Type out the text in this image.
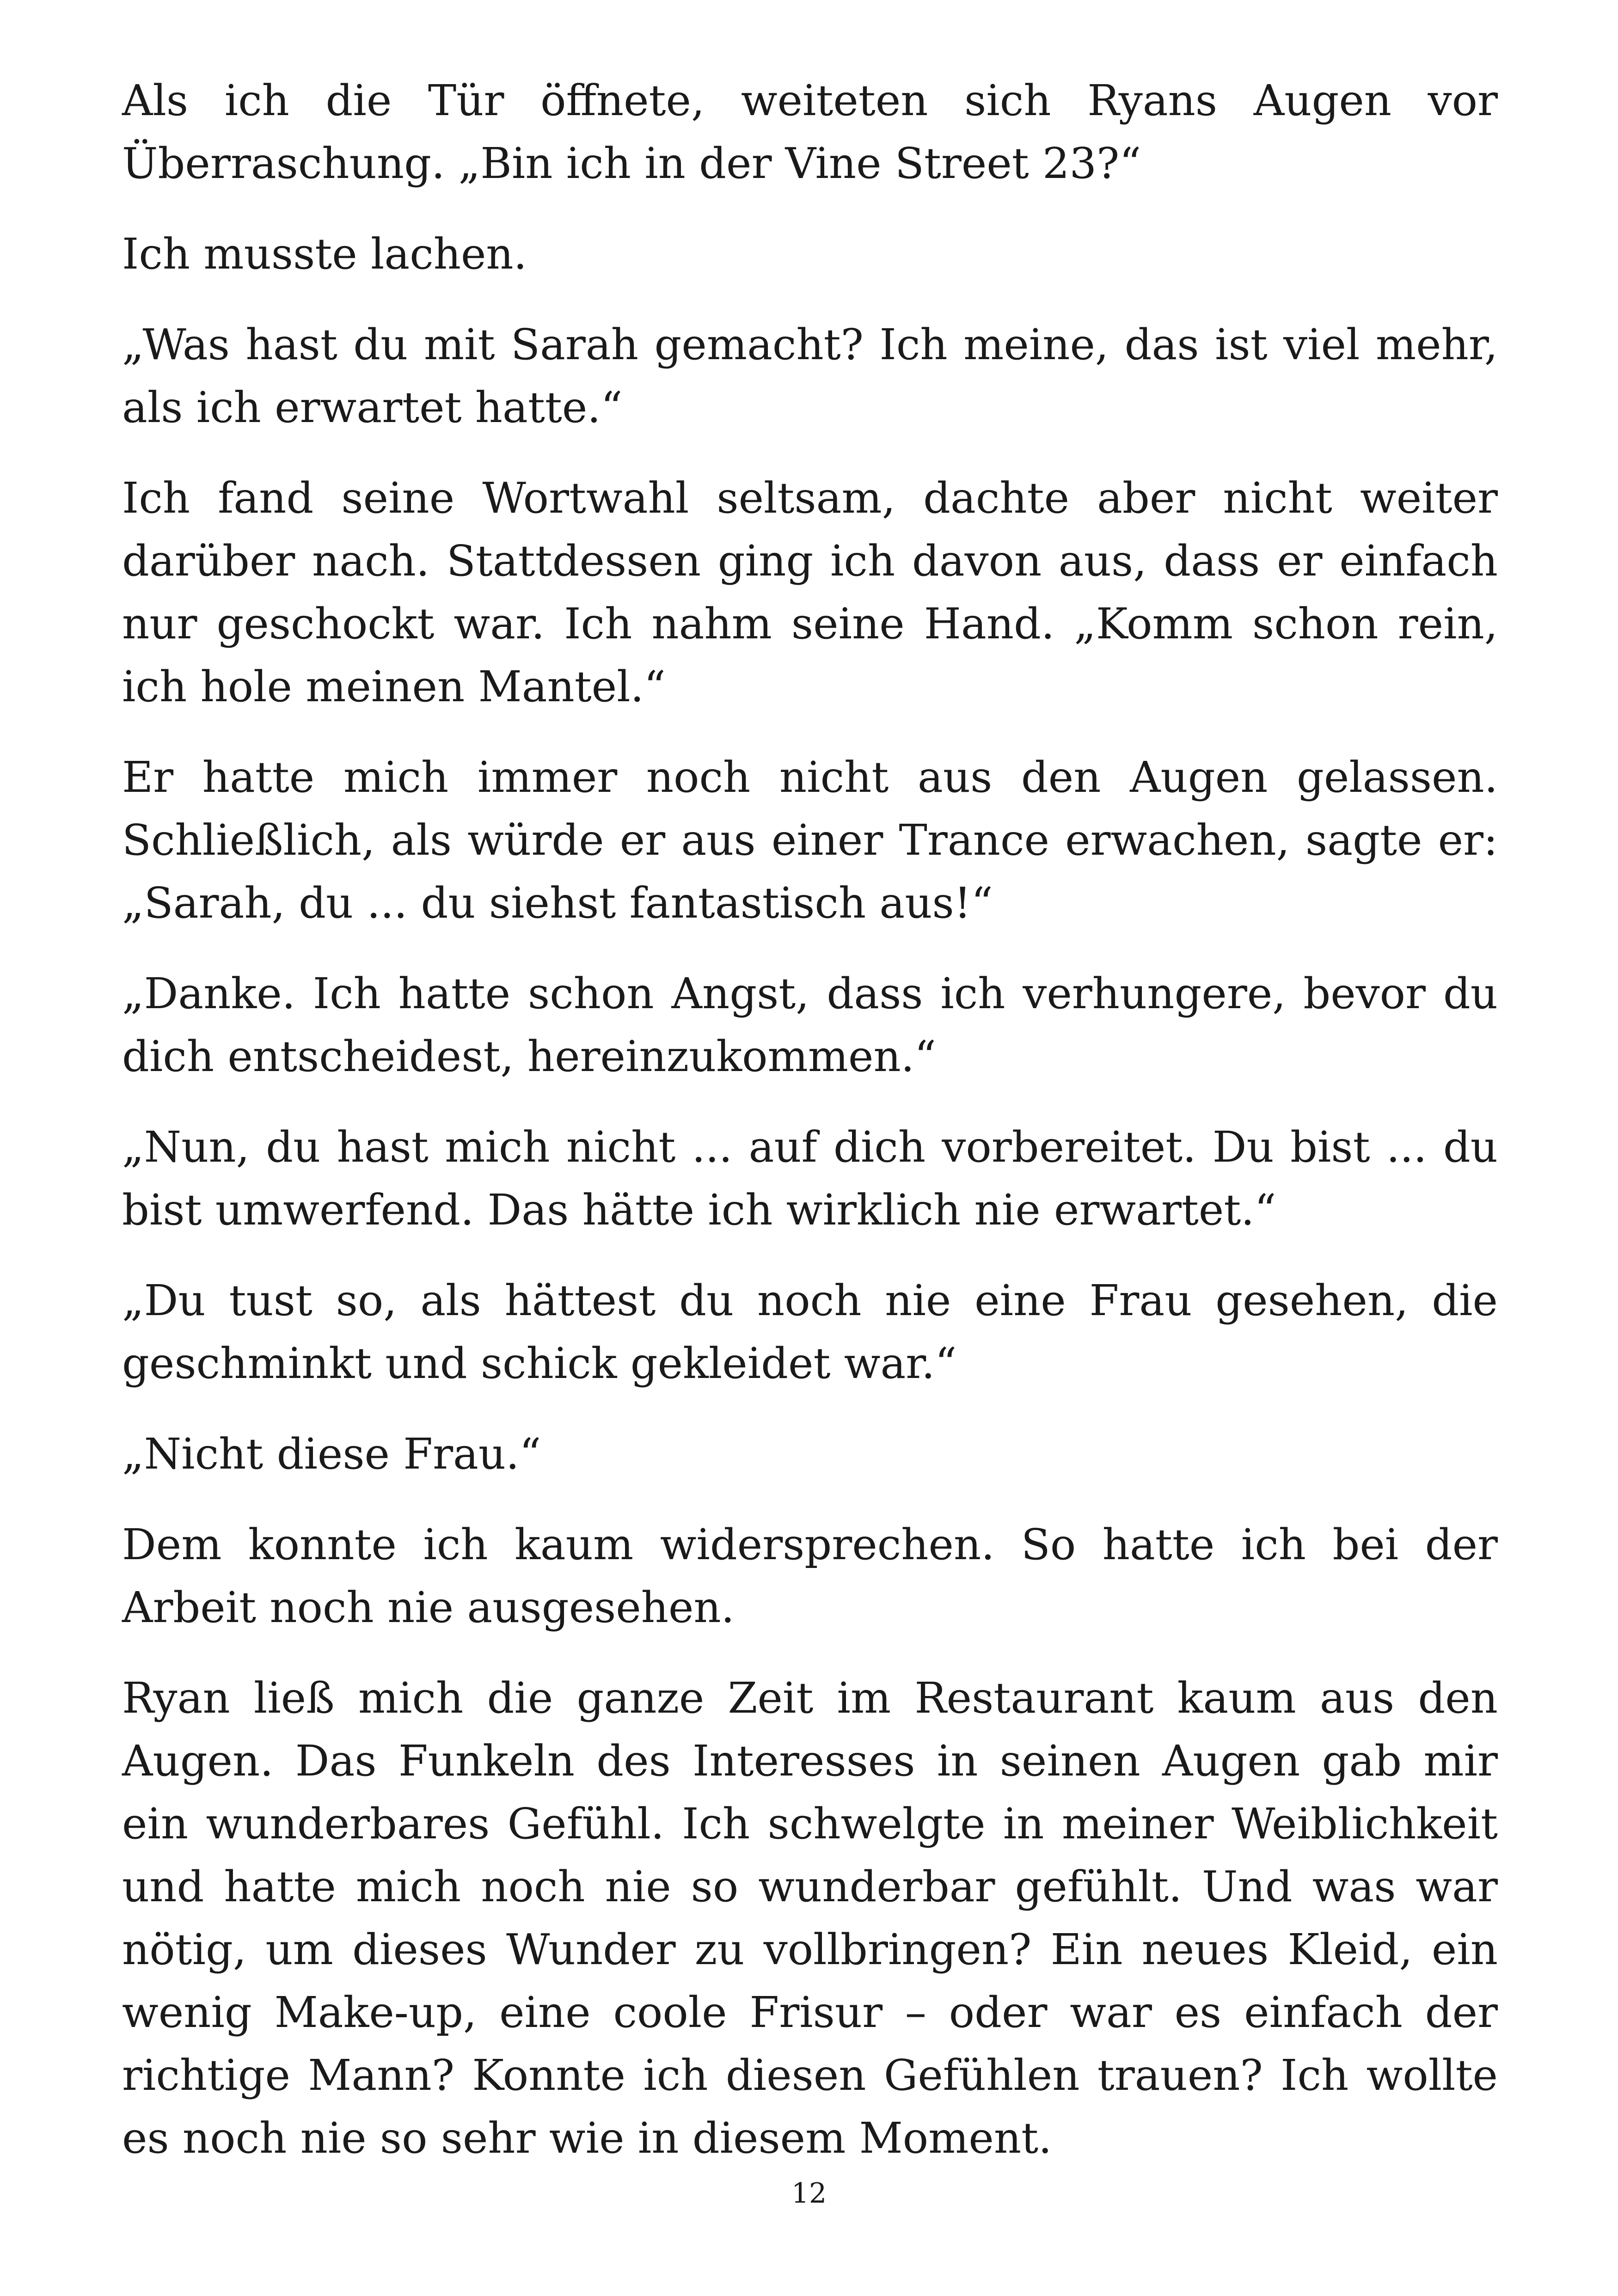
Als ich die Tür öffnete, weiteten sich Ryans Augen vor Überraschung. „Bin ich in der Vine Street 23?“

Ich musste lachen.

„Was hast du mit Sarah gemacht? Ich meine, das ist viel mehr, als ich erwartet hatte.“

Ich fand seine Wortwahl seltsam, dachte aber nicht weiter darüber nach. Stattdessen ging ich davon aus, dass er einfach nur geschockt war. Ich nahm seine Hand. „Komm schon rein, ich hole meinen Mantel.“

Er hatte mich immer noch nicht aus den Augen gelassen. Schließlich, als würde er aus einer Trance erwachen, sagte er: „Sarah, du ... du siehst fantastisch aus!“

„Danke. Ich hatte schon Angst, dass ich verhungere, bevor du dich entscheidest, hereinzukommen.“

„Nun, du hast mich nicht ... auf dich vorbereitet. Du bist ... du bist umwerfend. Das hätte ich wirklich nie erwartet.“

„Du tust so, als hättest du noch nie eine Frau gesehen, die geschminkt und schick gekleidet war.“

„Nicht diese Frau.“

Dem konnte ich kaum widersprechen. So hatte ich bei der Arbeit noch nie ausgesehen.

Ryan ließ mich die ganze Zeit im Restaurant kaum aus den Augen. Das Funkeln des Interesses in seinen Augen gab mir ein wunderbares Gefühl. Ich schwelgte in meiner Weiblichkeit und hatte mich noch nie so wunderbar gefühlt. Und was war nötig, um dieses Wunder zu vollbringen? Ein neues Kleid, ein wenig Make-up, eine coole Frisur – oder war es einfach der richtige Mann? Konnte ich diesen Gefühlen trauen? Ich wollte es noch nie so sehr wie in diesem Moment.

12
